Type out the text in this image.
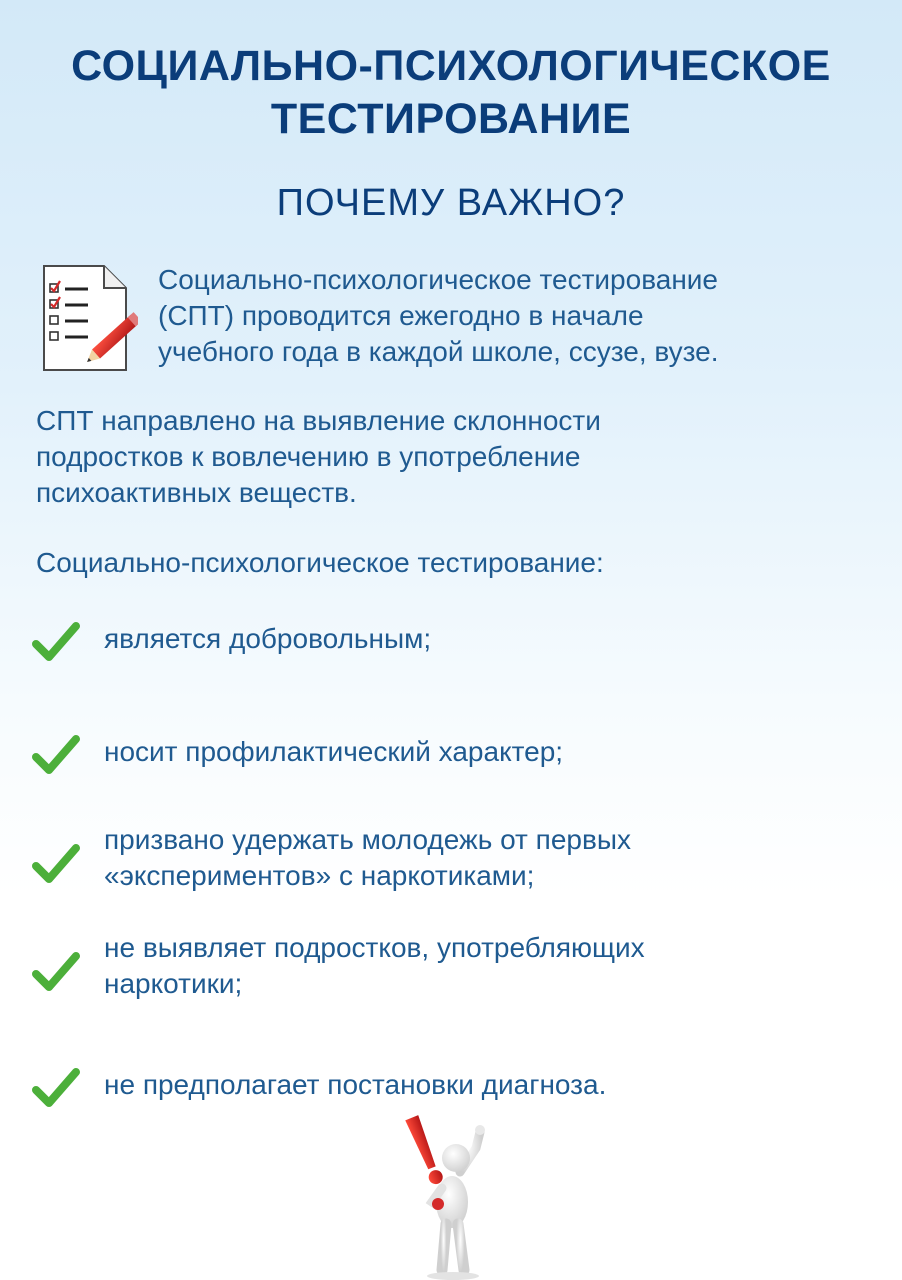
СОЦИАЛЬНО-ПСИХОЛОГИЧЕСКОЕ
ТЕСТИРОВАНИЕ
ПОЧЕМУ ВАЖНО?
Социально-психологическое тестирование
(СПТ) проводится ежегодно в начале
учебного года в каждой школе, ссузе, вузе.
СПТ направлено на выявление склонности
подростков к вовлечению в употребление
психоактивных веществ.
Социально-психологическое тестирование:
является добровольным;
носит профилактический характер;
призвано удержать молодежь от первых
«экспериментов» с наркотиками;
не выявляет подростков, употребляющих
наркотики;
не предполагает постановки диагноза.
